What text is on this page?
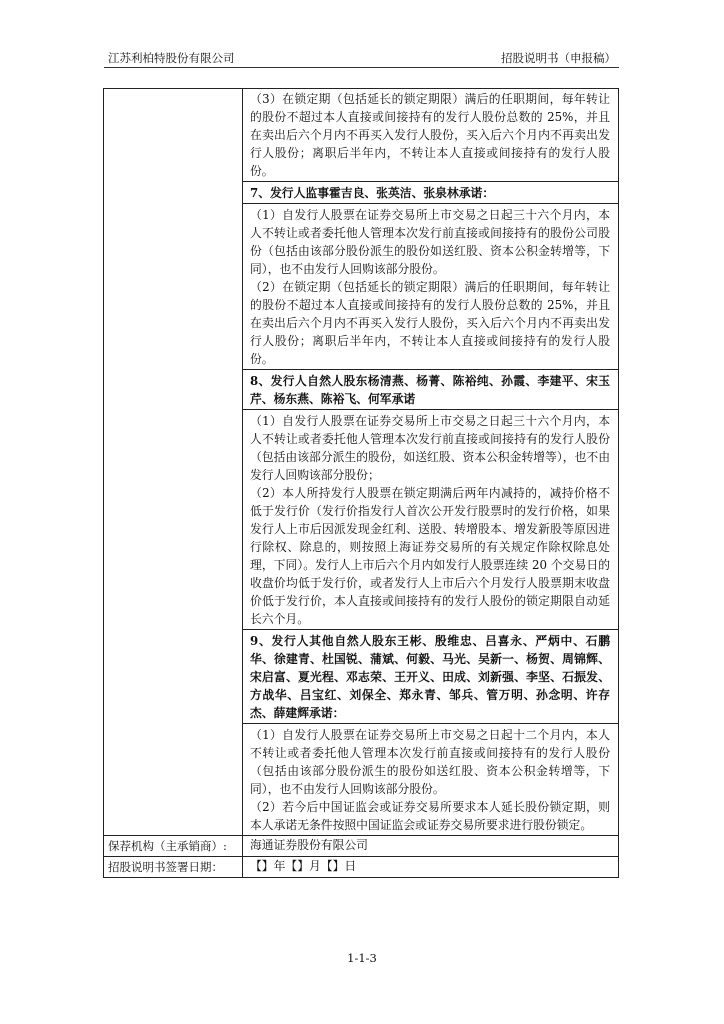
江苏利柏特股份有限公司	招股说明书（申报稿）

（3）在锁定期（包括延长的锁定期限）满后的任职期间，每年转让的股份不超过本人直接或间接持有的发行人股份总数的 25%，并且在卖出后六个月内不再买入发行人股份，买入后六个月内不再卖出发行人股份；离职后半年内，不转让本人直接或间接持有的发行人股份。

7、发行人监事霍吉良、张英洁、张泉林承诺：

（1）自发行人股票在证券交易所上市交易之日起三十六个月内，本人不转让或者委托他人管理本次发行前直接或间接持有的股份公司股份（包括由该部分股份派生的股份如送红股、资本公积金转增等，下同），也不由发行人回购该部分股份。

（2）在锁定期（包括延长的锁定期限）满后的任职期间，每年转让的股份不超过本人直接或间接持有的发行人股份总数的 25%，并且在卖出后六个月内不再买入发行人股份，买入后六个月内不再卖出发行人股份；离职后半年内，不转让本人直接或间接持有的发行人股份。

8、发行人自然人股东杨清燕、杨菁、陈裕纯、孙霞、李建平、宋玉芹、杨东燕、陈裕飞、何军承诺

（1）自发行人股票在证券交易所上市交易之日起三十六个月内，本人不转让或者委托他人管理本次发行前直接或间接持有的发行人股份（包括由该部分派生的股份，如送红股、资本公积金转增等），也不由发行人回购该部分股份；

（2）本人所持发行人股票在锁定期满后两年内减持的，减持价格不低于发行价（发行价指发行人首次公开发行股票时的发行价格，如果发行人上市后因派发现金红利、送股、转增股本、增发新股等原因进行除权、除息的，则按照上海证券交易所的有关规定作除权除息处理，下同）。发行人上市后六个月内如发行人股票连续 20 个交易日的收盘价均低于发行价，或者发行人上市后六个月发行人股票期末收盘价低于发行价，本人直接或间接持有的发行人股份的锁定期限自动延长六个月。

9、发行人其他自然人股东王彬、殷维忠、吕喜永、严炳中、石鹏华、徐建青、杜国锐、蒲斌、何毅、马光、吴新一、杨贺、周锦辉、宋启富、夏光程、邓志荣、王开义、田成、刘新强、李坚、石振发、方战华、吕宝红、刘保全、郑永青、邹兵、管万明、孙念明、许存杰、薛建辉承诺：

（1）自发行人股票在证券交易所上市交易之日起十二个月内，本人不转让或者委托他人管理本次发行前直接或间接持有的发行人股份（包括由该部分股份派生的股份如送红股、资本公积金转增等，下同），也不由发行人回购该部分股份。

（2）若今后中国证监会或证券交易所要求本人延长股份锁定期，则本人承诺无条件按照中国证监会或证券交易所要求进行股份锁定。

保荐机构（主承销商）:	海通证券股份有限公司
招股说明书签署日期：	【】年【】月【】日
1-1-3
